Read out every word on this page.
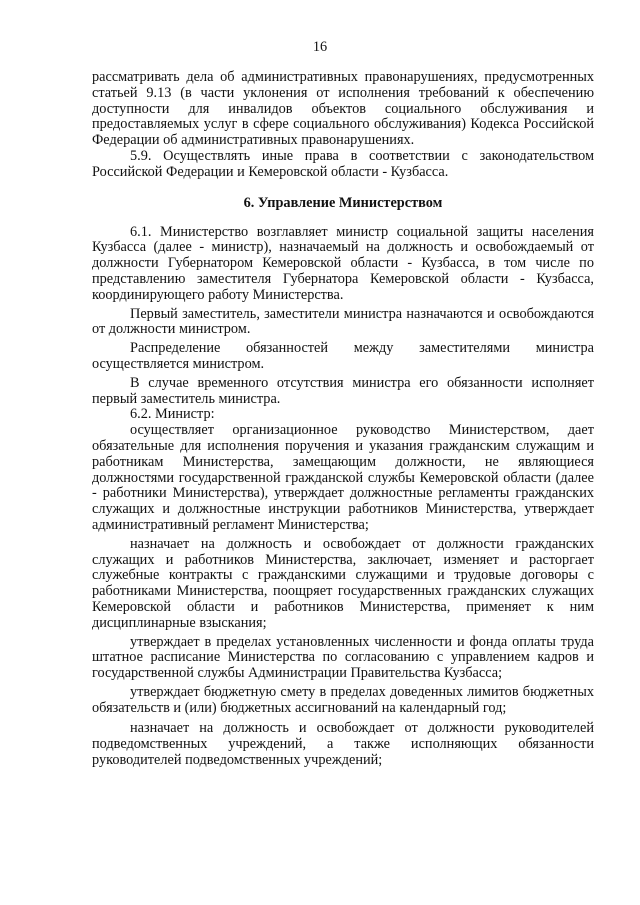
16

рассматривать дела об административных правонарушениях, предусмотренных статьей 9.13 (в части уклонения от исполнения требований к обеспечению доступности для инвалидов объектов социального обслуживания и предоставляемых услуг в сфере социального обслуживания) Кодекса Российской Федерации об административных правонарушениях.

5.9. Осуществлять иные права в соответствии с законодательством Российской Федерации и Кемеровской области - Кузбасса.

6. Управление Министерством

6.1. Министерство возглавляет министр социальной защиты населения Кузбасса (далее - министр), назначаемый на должность и освобождаемый от должности Губернатором Кемеровской области - Кузбасса, в том числе по представлению заместителя Губернатора Кемеровской области - Кузбасса, координирующего работу Министерства.

Первый заместитель, заместители министра назначаются и освобождаются от должности министром.

Распределение обязанностей между заместителями министра осуществляется министром.

В случае временного отсутствия министра его обязанности исполняет первый заместитель министра.

6.2. Министр:

осуществляет организационное руководство Министерством, дает обязательные для исполнения поручения и указания гражданским служащим и работникам Министерства, замещающим должности, не являющиеся должностями государственной гражданской службы Кемеровской области (далее - работники Министерства), утверждает должностные регламенты гражданских служащих и должностные инструкции работников Министерства, утверждает административный регламент Министерства;

назначает на должность и освобождает от должности гражданских служащих и работников Министерства, заключает, изменяет и расторгает служебные контракты с гражданскими служащими и трудовые договоры с работниками Министерства, поощряет государственных гражданских служащих Кемеровской области и работников Министерства, применяет к ним дисциплинарные взыскания;

утверждает в пределах установленных численности и фонда оплаты труда штатное расписание Министерства по согласованию с управлением кадров и государственной службы Администрации Правительства Кузбасса;

утверждает бюджетную смету в пределах доведенных лимитов бюджетных обязательств и (или) бюджетных ассигнований на календарный год;

назначает на должность и освобождает от должности руководителей подведомственных учреждений, а также исполняющих обязанности руководителей подведомственных учреждений;
